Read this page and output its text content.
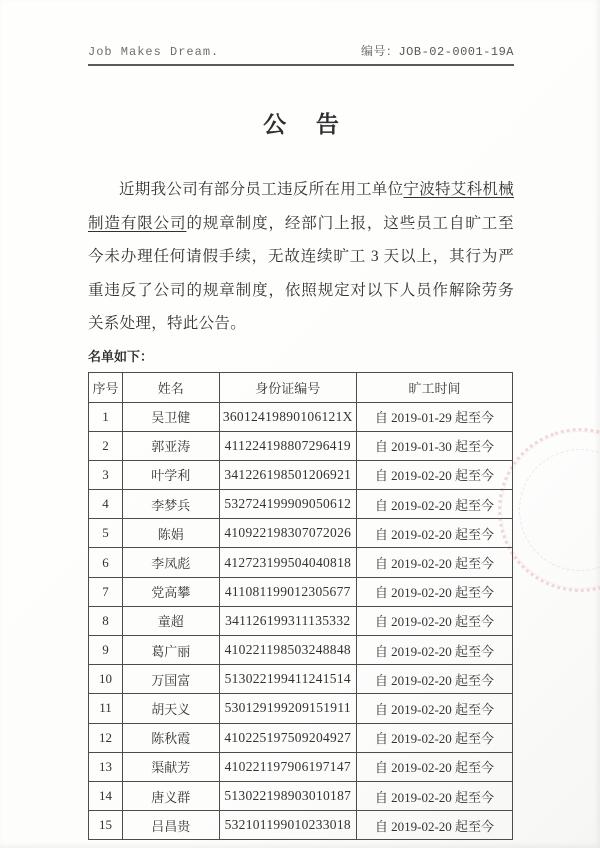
Job Makes Dream.	编号：JOB-02-0001-19A
公 告

近期我公司有部分员工违反所在用工单位宁波特艾科机械制造有限公司的规章制度，经部门上报，这些员工自旷工至今未办理任何请假手续，无故连续旷工 3 天以上，其行为严重违反了公司的规章制度，依照规定对以下人员作解除劳务关系处理，特此公告。

名单如下：
序号	姓名	身份证编号	旷工时间
1	吴卫健	36012419890106121X	自 2019-01-29 起至今
2	郭亚涛	411224198807296419	自 2019-01-30 起至今
3	叶学利	341226198501206921	自 2019-02-20 起至今
4	李梦兵	532724199909050612	自 2019-02-20 起至今
5	陈娟	410922198307072026	自 2019-02-20 起至今
6	李凤彪	412723199504040818	自 2019-02-20 起至今
7	党高攀	411081199012305677	自 2019-02-20 起至今
8	童超	341126199311135332	自 2019-02-20 起至今
9	葛广丽	410221198503248848	自 2019-02-20 起至今
10	万国富	513022199411241514	自 2019-02-20 起至今
11	胡天义	530129199209151911	自 2019-02-20 起至今
12	陈秋霞	410225197509204927	自 2019-02-20 起至今
13	渠献芳	410221197906197147	自 2019-02-20 起至今
14	唐义群	513022198903010187	自 2019-02-20 起至今
15	吕昌贵	532101199010233018	自 2019-02-20 起至今
